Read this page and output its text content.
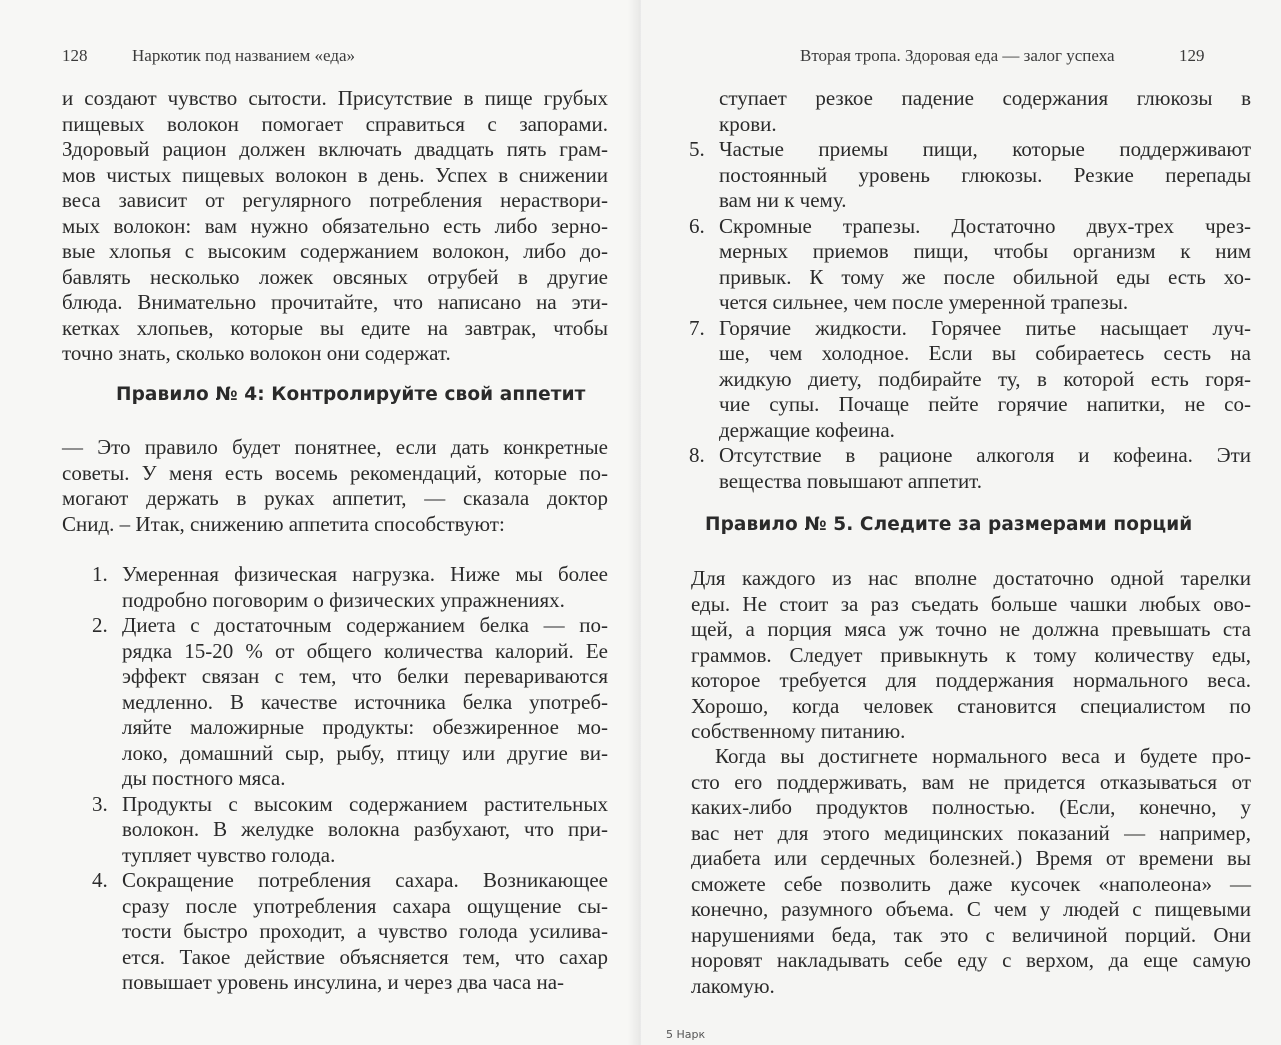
128	Наркотик под названием «еда»
и создают чувство сытости. Присутствие в пище грубых
пищевых волокон помогает справиться с запорами.
Здоровый рацион должен включать двадцать пять грам-
мов чистых пищевых волокон в день. Успех в снижении
веса зависит от регулярного потребления нераствори-
мых волокон: вам нужно обязательно есть либо зерно-
вые хлопья с высоким содержанием волокон, либо до-
бавлять несколько ложек овсяных отрубей в другие
блюда. Внимательно прочитайте, что написано на эти-
кетках хлопьев, которые вы едите на завтрак, чтобы
точно знать, сколько волокон они содержат.
Правило № 4: Контролируйте свой аппетит
— Это правило будет понятнее, если дать конкретные
советы. У меня есть восемь рекомендаций, которые по-
могают держать в руках аппетит, — сказала доктор
Снид. – Итак, снижению аппетита способствуют:
1. Умеренная физическая нагрузка. Ниже мы более
подробно поговорим о физических упражнениях.
2. Диета с достаточным содержанием белка — по-
рядка 15-20 % от общего количества калорий. Ее
эффект связан с тем, что белки перевариваются
медленно. В качестве источника белка употреб-
ляйте маложирные продукты: обезжиренное мо-
локо, домашний сыр, рыбу, птицу или другие ви-
ды постного мяса.
3. Продукты с высоким содержанием растительных
волокон. В желудке волокна разбухают, что при-
тупляет чувство голода.
4. Сокращение потребления сахара. Возникающее
сразу после употребления сахара ощущение сы-
тости быстро проходит, а чувство голода усилива-
ется. Такое действие объясняется тем, что сахар
повышает уровень инсулина, и через два часа на-
Вторая тропа. Здоровая еда — залог успеха	129
ступает резкое падение содержания глюкозы в
крови.
5. Частые приемы пищи, которые поддерживают
постоянный уровень глюкозы. Резкие перепады
вам ни к чему.
6. Скромные трапезы. Достаточно двух-трех чрез-
мерных приемов пищи, чтобы организм к ним
привык. К тому же после обильной еды есть хо-
чется сильнее, чем после умеренной трапезы.
7. Горячие жидкости. Горячее питье насыщает луч-
ше, чем холодное. Если вы собираетесь сесть на
жидкую диету, подбирайте ту, в которой есть горя-
чие супы. Почаще пейте горячие напитки, не со-
держащие кофеина.
8. Отсутствие в рационе алкоголя и кофеина. Эти
вещества повышают аппетит.
Правило № 5. Следите за размерами порций
Для каждого из нас вполне достаточно одной тарелки
еды. Не стоит за раз съедать больше чашки любых ово-
щей, а порция мяса уж точно не должна превышать ста
граммов. Следует привыкнуть к тому количеству еды,
которое требуется для поддержания нормального веса.
Хорошо, когда человек становится специалистом по
собственному питанию.
Когда вы достигнете нормального веса и будете про-
сто его поддерживать, вам не придется отказываться от
каких-либо продуктов полностью. (Если, конечно, у
вас нет для этого медицинских показаний — например,
диабета или сердечных болезней.) Время от времени вы
сможете себе позволить даже кусочек «наполеона» —
конечно, разумного объема. С чем у людей с пищевыми
нарушениями беда, так это с величиной порций. Они
норовят накладывать себе еду с верхом, да еще самую
лакомую.
5 Нарк
